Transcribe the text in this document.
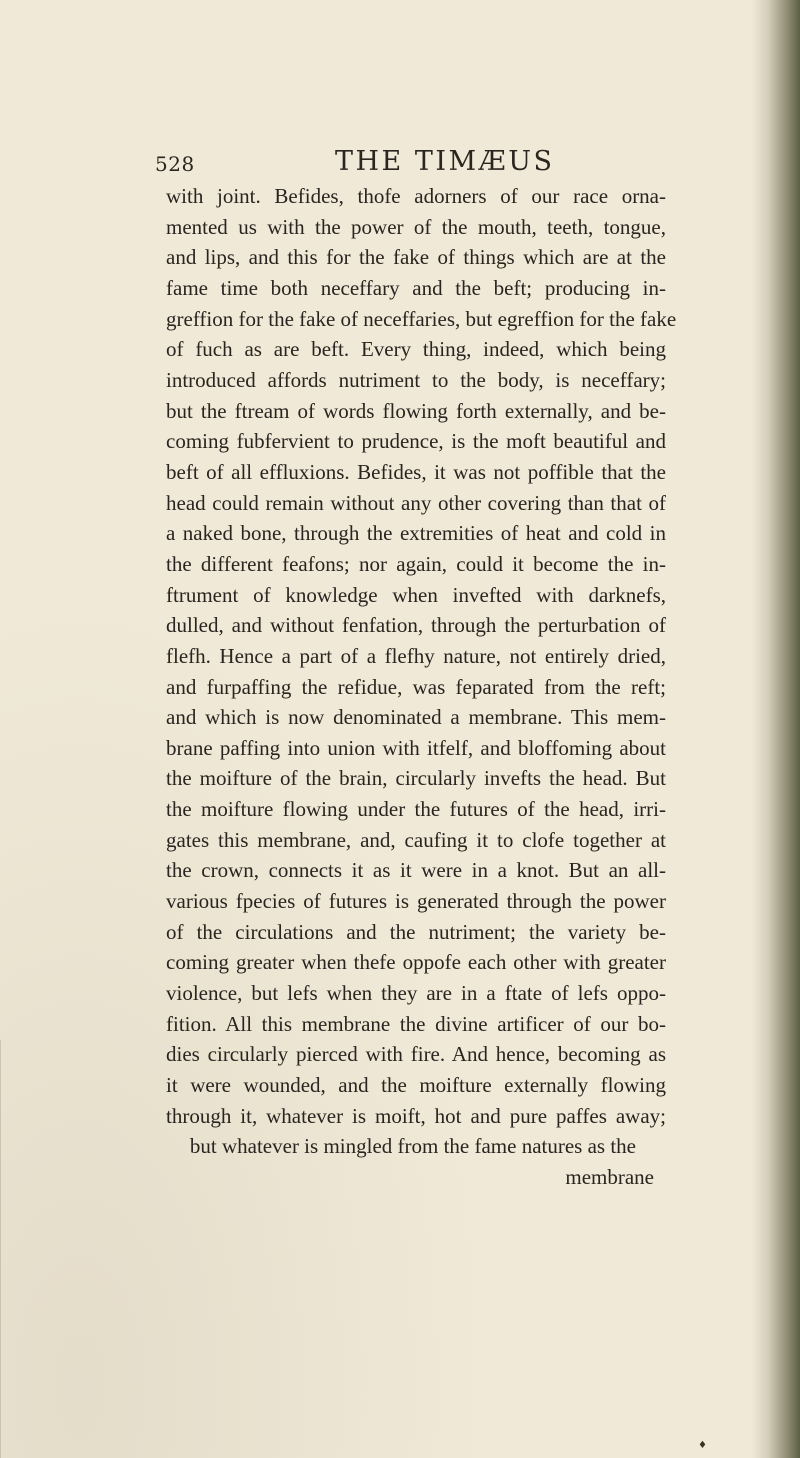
528	THE TIMÆUS
with joint. Befides, thofe adorners of our race orna-
mented us with the power of the mouth, teeth, tongue,
and lips, and this for the fake of things which are at the
fame time both neceffary and the beft; producing in-
greffion for the fake of neceffaries, but egreffion for the fake
of fuch as are beft. Every thing, indeed, which being
introduced affords nutriment to the body, is neceffary;
but the ftream of words flowing forth externally, and be-
coming fubfervient to prudence, is the moft beautiful and
beft of all effluxions. Befides, it was not poffible that the
head could remain without any other covering than that of
a naked bone, through the extremities of heat and cold in
the different feafons; nor again, could it become the in-
ftrument of knowledge when invefted with darknefs,
dulled, and without fenfation, through the perturbation of
flefh. Hence a part of a flefhy nature, not entirely dried,
and furpaffing the refidue, was feparated from the reft;
and which is now denominated a membrane. This mem-
brane paffing into union with itfelf, and bloffoming about
the moifture of the brain, circularly invefts the head. But
the moifture flowing under the futures of the head, irri-
gates this membrane, and, caufing it to clofe together at
the crown, connects it as it were in a knot. But an all-
various fpecies of futures is generated through the power
of the circulations and the nutriment; the variety be-
coming greater when thefe oppofe each other with greater
violence, but lefs when they are in a ftate of lefs oppo-
fition. All this membrane the divine artificer of our bo-
dies circularly pierced with fire. And hence, becoming as
it were wounded, and the moifture externally flowing
through it, whatever is moift, hot and pure paffes away;
but whatever is mingled from the fame natures as the
membrane
♦
